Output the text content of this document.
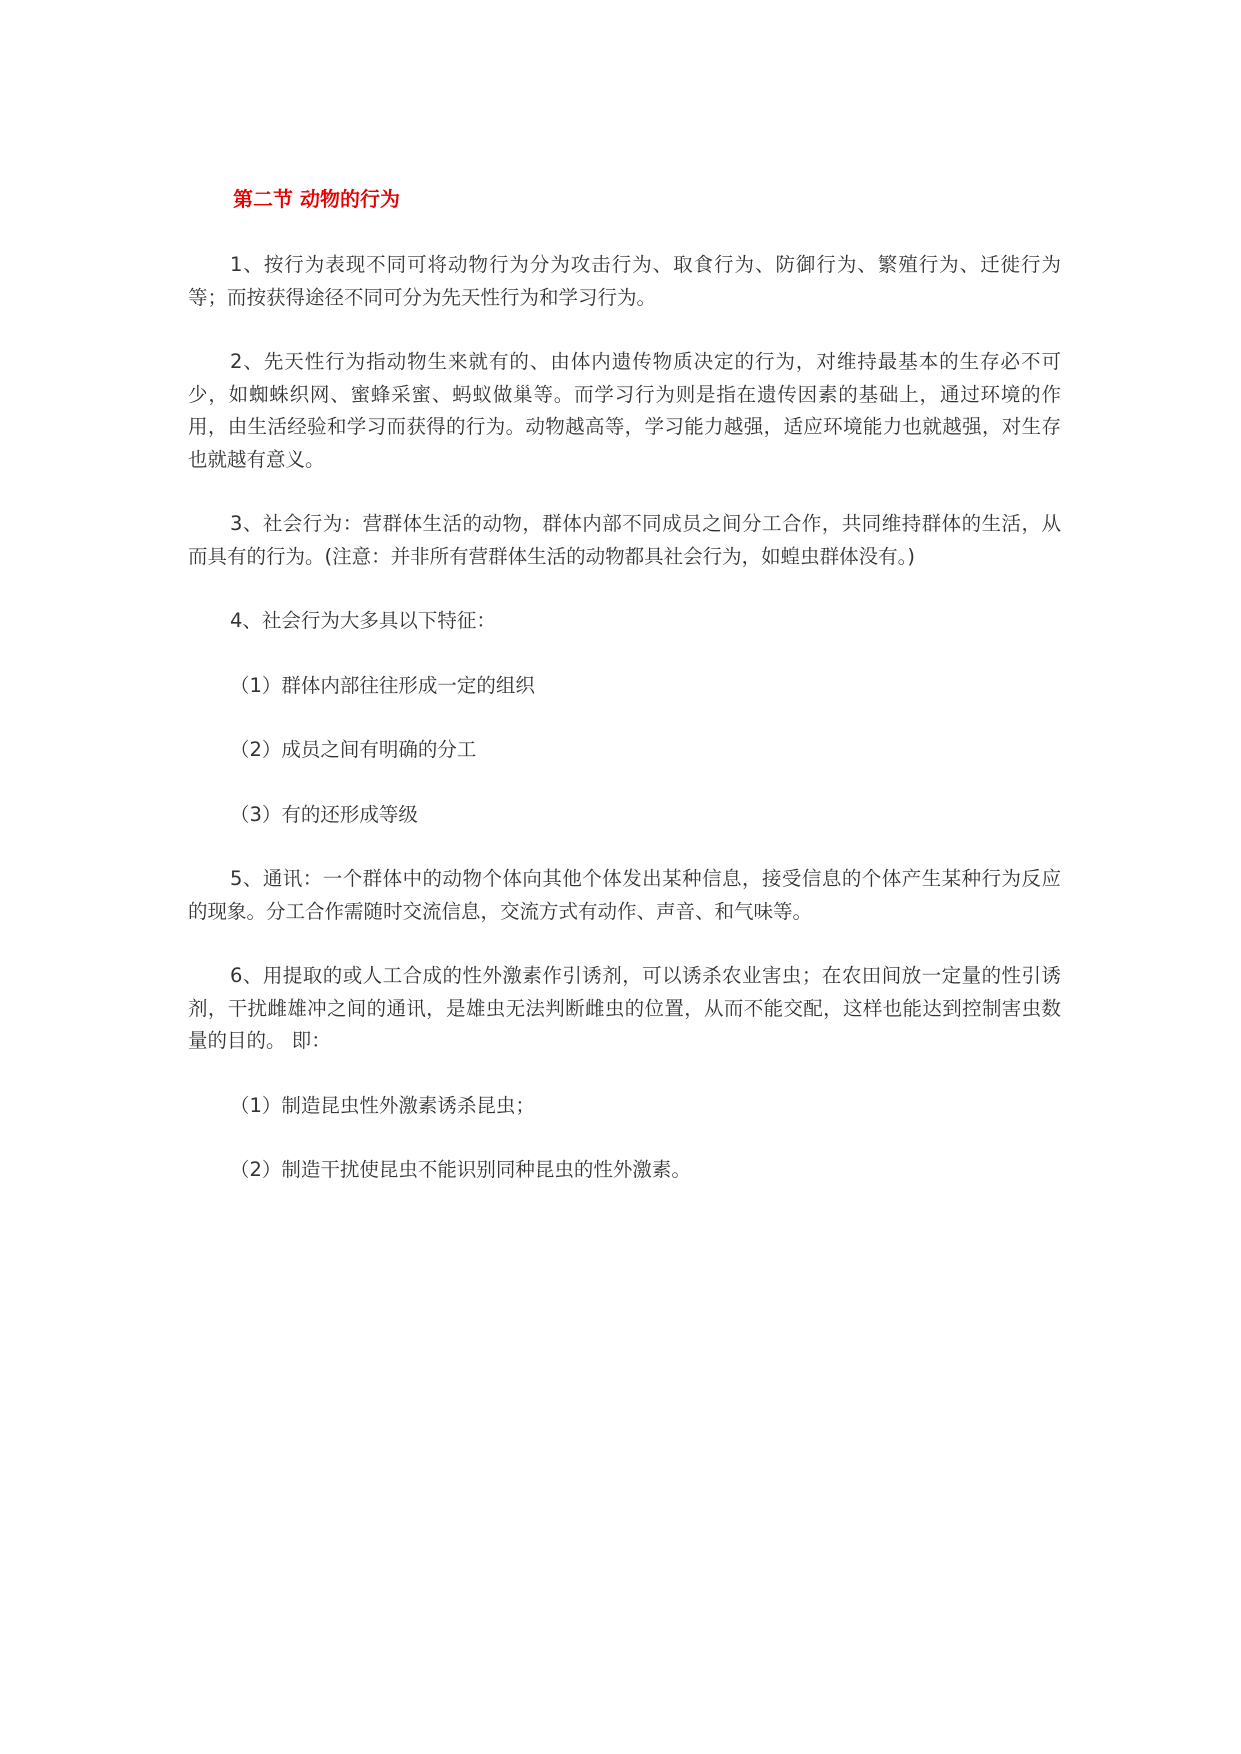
第二节 动物的行为

1、按行为表现不同可将动物行为分为攻击行为、取食行为、防御行为、繁殖行为、迁徙行为等；而按获得途径不同可分为先天性行为和学习行为。

2、先天性行为指动物生来就有的、由体内遗传物质决定的行为，对维持最基本的生存必不可少，如蜘蛛织网、蜜蜂采蜜、蚂蚁做巢等。而学习行为则是指在遗传因素的基础上，通过环境的作用，由生活经验和学习而获得的行为。动物越高等，学习能力越强，适应环境能力也就越强，对生存也就越有意义。

3、社会行为：营群体生活的动物，群体内部不同成员之间分工合作，共同维持群体的生活，从而具有的行为。(注意：并非所有营群体生活的动物都具社会行为，如蝗虫群体没有。)

4、社会行为大多具以下特征：

（1）群体内部往往形成一定的组织

（2）成员之间有明确的分工

（3）有的还形成等级

5、通讯：一个群体中的动物个体向其他个体发出某种信息，接受信息的个体产生某种行为反应的现象。分工合作需随时交流信息，交流方式有动作、声音、和气味等。

6、用提取的或人工合成的性外激素作引诱剂，可以诱杀农业害虫；在农田间放一定量的性引诱剂，干扰雌雄冲之间的通讯，是雄虫无法判断雌虫的位置，从而不能交配，这样也能达到控制害虫数量的目的。 即：

（1）制造昆虫性外激素诱杀昆虫；

（2）制造干扰使昆虫不能识别同种昆虫的性外激素。
